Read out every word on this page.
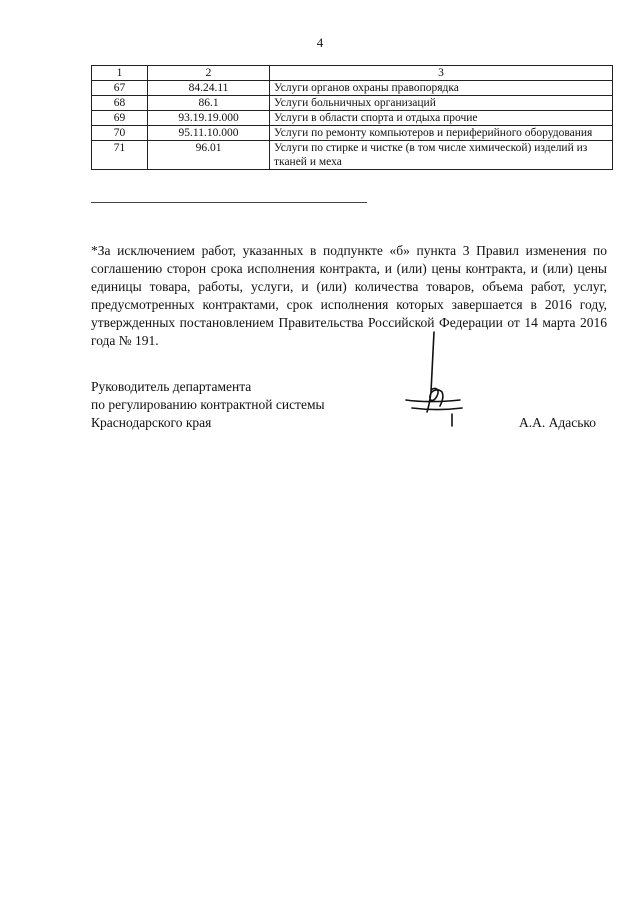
4
1	2	3
67	84.24.11	Услуги органов охраны правопорядка
68	86.1	Услуги больничных организаций
69	93.19.19.000	Услуги в области спорта и отдыха прочие
70	95.11.10.000	Услуги по ремонту компьютеров и периферийного оборудования
71	96.01	Услуги по стирке и чистке (в том числе химической) изделий из тканей и меха

*За исключением работ, указанных в подпункте «б» пункта 3 Правил изменения по соглашению сторон срока исполнения контракта, и (или) цены контракта, и (или) цены единицы товара, работы, услуги, и (или) количества товаров, объема работ, услуг, предусмотренных контрактами, срок исполнения которых завершается в 2016 году, утвержденных постановлением Правительства Российской Федерации от 14 марта 2016 года № 191.

Руководитель департамента
по регулированию контрактной системы
Краснодарского края	А.А. Адасько
